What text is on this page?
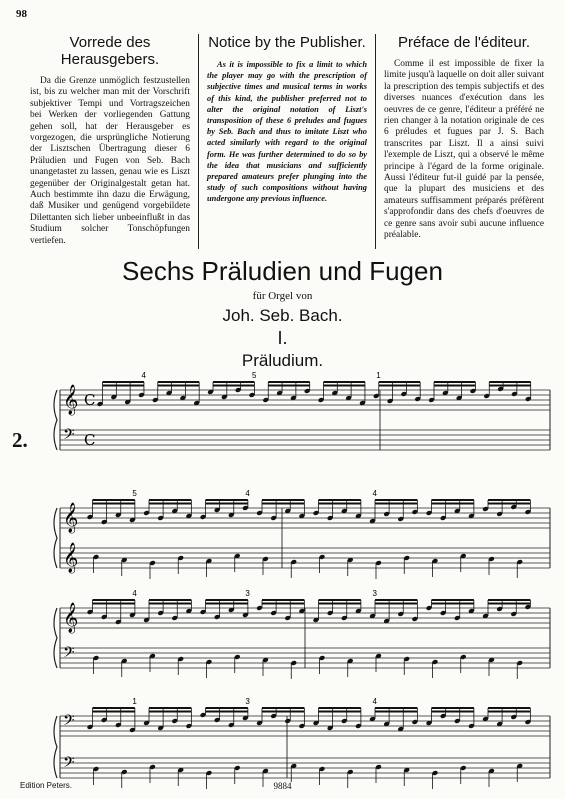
98
Vorrede des Herausgebers.

Da die Grenze unmöglich festzustellen ist, bis zu welcher man mit der Vorschrift subjektiver Tempi und Vortragszeichen bei Werken der vorliegenden Gattung gehen soll, hat der Herausgeber es vorgezogen, die ursprüngliche Notierung der Lisztschen Übertragung dieser 6 Präludien und Fugen von Seb. Bach unangetastet zu lassen, genau wie es Liszt gegenüber der Originalgestalt getan hat. Auch bestimmte ihn dazu die Erwägung, daß Musiker und genügend vorgebildete Dilettanten sich lieber unbeeinflußt in das Studium solcher Tonschöpfungen vertiefen.

Notice by the Publisher.

As it is impossible to fix a limit to which the player may go with the prescription of subjective times and musical terms in works of this kind, the publisher preferred not to alter the original notation of Liszt's transposition of these 6 preludes and fugues by Seb. Bach and thus to imitate Liszt who acted similarly with regard to the original form. He was further determined to do so by the idea that musicians and sufficiently prepared amateurs prefer plunging into the study of such compositions without having undergone any previous influence.

Préface de l'éditeur.

Comme il est impossible de fixer la limite jusqu'à laquelle on doit aller suivant la prescription des tempis subjectifs et des diverses nuances d'exécution dans les oeuvres de ce genre, l'éditeur a préféré ne rien changer à la notation originale de ces 6 préludes et fugues par J. S. Bach transcrites par Liszt. Il a ainsi suivi l'exemple de Liszt, qui a observé le même principe à l'égard de la forme originale. Aussi l'éditeur fut-il guidé par la pensée, que la plupart des musiciens et des amateurs suffisamment préparés préfèrent s'approfondir dans des chefs d'oeuvres de ce genre sans avoir subi aucune influence préalable.

Sechs Präludien und Fugen
für Orgel von
Joh. Seb. Bach.
I.
Präludium.
2.
𝄞 C
𝄢 C
4	5	1
𝄞
𝄞
5	4	4
𝄞
𝄢
4	3	3
𝄢
𝄢
1	3	4
Edition Peters.	9884
